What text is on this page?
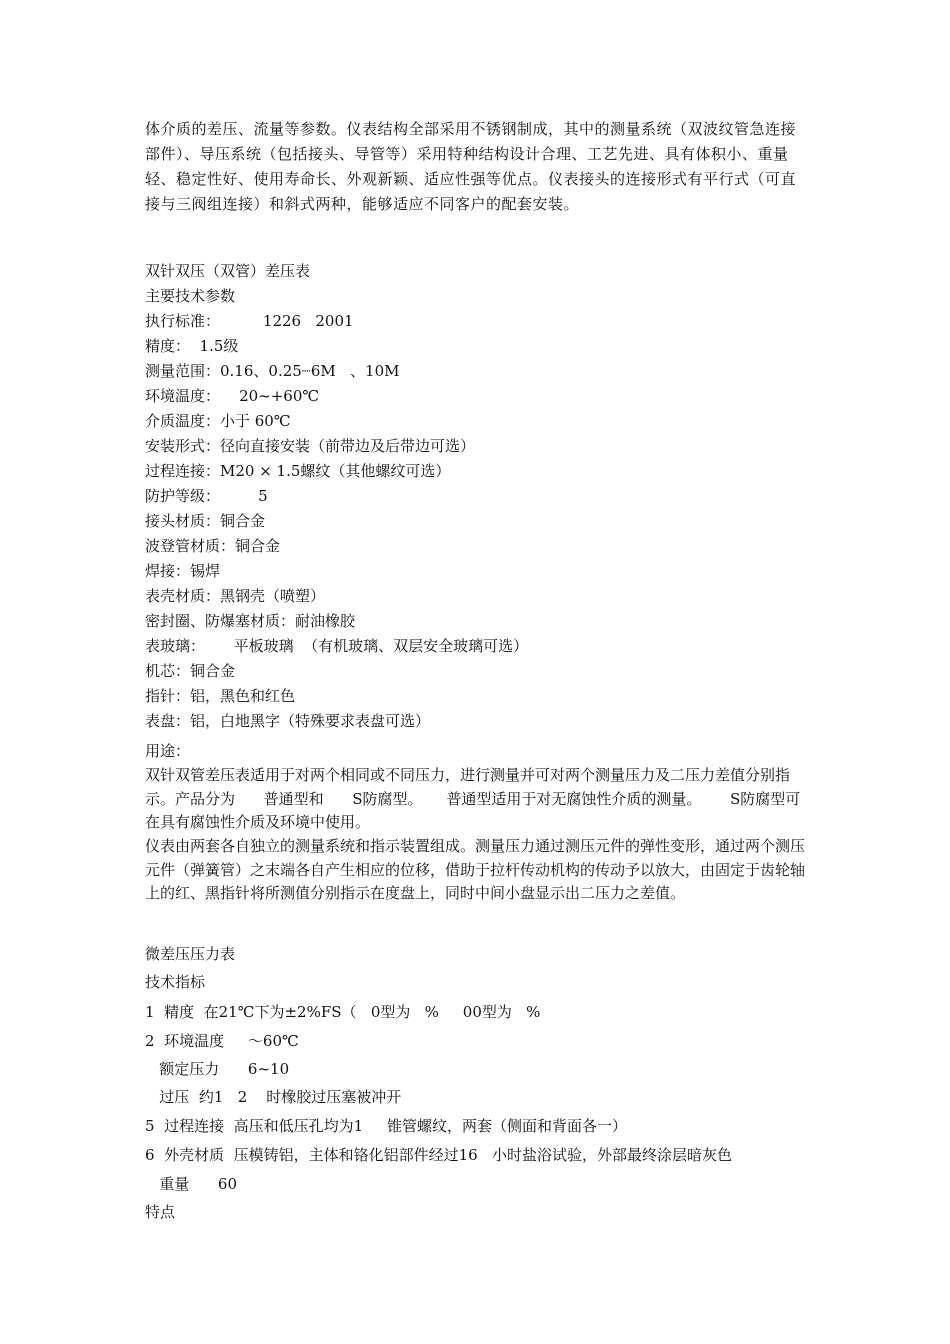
体介质的差压、流量等参数。仪表结构全部采用不锈钢制成，其中的测量系统（双波纹管急连接部件）、导压系统（包括接头、导管等）采用特种结构设计合理、工艺先进、具有体积小、重量轻、稳定性好、使用寿命长、外观新颖、适应性强等优点。仪表接头的连接形式有平行式（可直接与三阀组连接）和斜式两种，能够适应不同客户的配套安装。

双针双压（双管）差压表
主要技术参数
执行标准：         1226   2001
精度：  1.5级
测量范围：0.16、0.25┈6M   、10M
环境温度：    20~+60℃
介质温度：小于 60℃
安装形式：径向直接安装（前带边及后带边可选）
过程连接：M20 × 1.5螺纹（其他螺纹可选）
防护等级：        5
接头材质：铜合金
波登管材质：铜合金
焊接：锡焊
表壳材质：黑钢壳（喷塑）
密封圈、防爆塞材质：耐油橡胶
表玻璃：      平板玻璃  （有机玻璃、双层安全玻璃可选）
机芯：铜合金
指针：铝，黑色和红色
表盘：铝，白地黑字（特殊要求表盘可选）
用途：

双针双管差压表适用于对两个相同或不同压力，进行测量并可对两个测量压力及二压力差值分别指示。产品分为      普通型和      S防腐型。     普通型适用于对无腐蚀性介质的测量。      S防腐型可在具有腐蚀性介质及环境中使用。

仪表由两套各自独立的测量系统和指示装置组成。测量压力通过测压元件的弹性变形，通过两个测压元件（弹簧管）之末端各自产生相应的位移，借助于拉杆传动机构的传动予以放大，由固定于齿轮轴上的红、黑指针将所测值分别指示在度盘上，同时中间小盘显示出二压力之差值。

微差压压力表
技术指标
1  精度  在21℃下为±2%FS（   0型为   %     00型为   %
2  环境温度     ～60℃
额定压力      6~10
过压  约1   2    时橡胶过压塞被冲开
5  过程连接  高压和低压孔均为1     锥管螺纹，两套（侧面和背面各一）
6  外壳材质  压模铸铝，主体和铬化铝部件经过16   小时盐浴试验，外部最终涂层暗灰色
重量      60
特点
